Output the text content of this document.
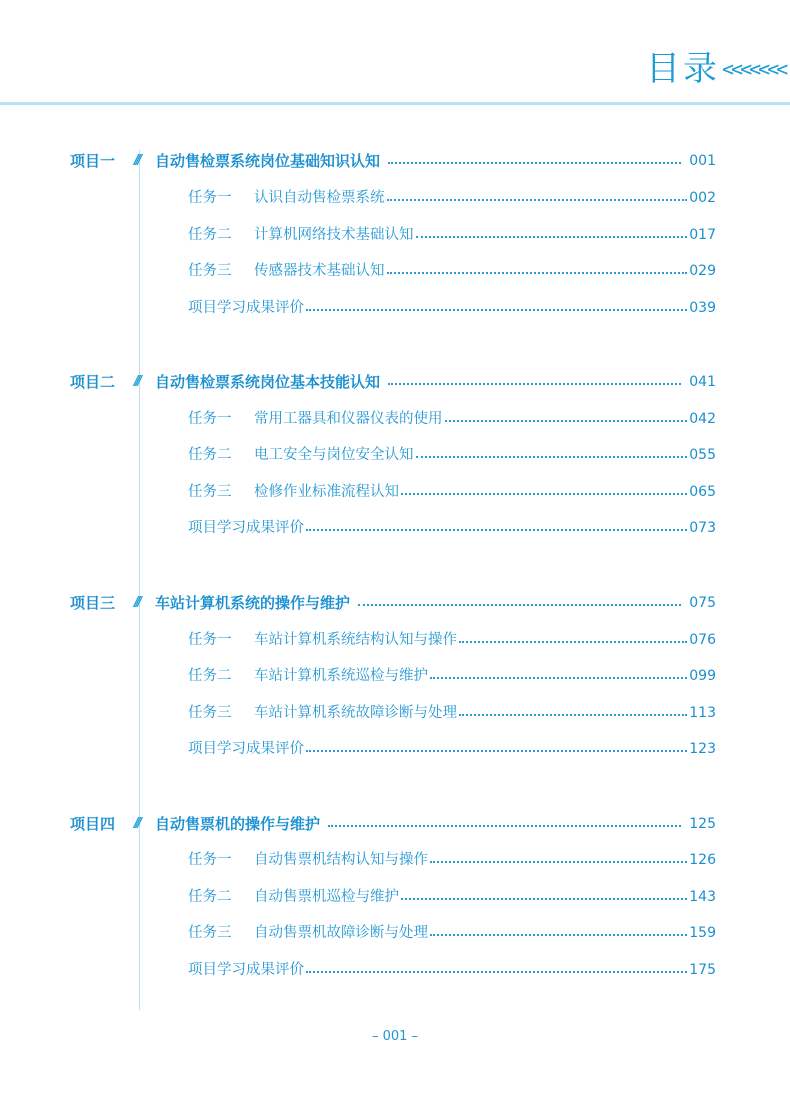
目录 <<<<<<<
项目一	///	自动售检票系统岗位基础知识认知	001
任务一	认识自动售检票系统	002
任务二	计算机网络技术基础认知	017
任务三	传感器技术基础认知	029
项目学习成果评价	039
项目二	///	自动售检票系统岗位基本技能认知	041
任务一	常用工器具和仪器仪表的使用	042
任务二	电工安全与岗位安全认知	055
任务三	检修作业标准流程认知	065
项目学习成果评价	073
项目三	///	车站计算机系统的操作与维护	075
任务一	车站计算机系统结构认知与操作	076
任务二	车站计算机系统巡检与维护	099
任务三	车站计算机系统故障诊断与处理	113
项目学习成果评价	123
项目四	///	自动售票机的操作与维护	125
任务一	自动售票机结构认知与操作	126
任务二	自动售票机巡检与维护	143
任务三	自动售票机故障诊断与处理	159
项目学习成果评价	175
– 001 –
